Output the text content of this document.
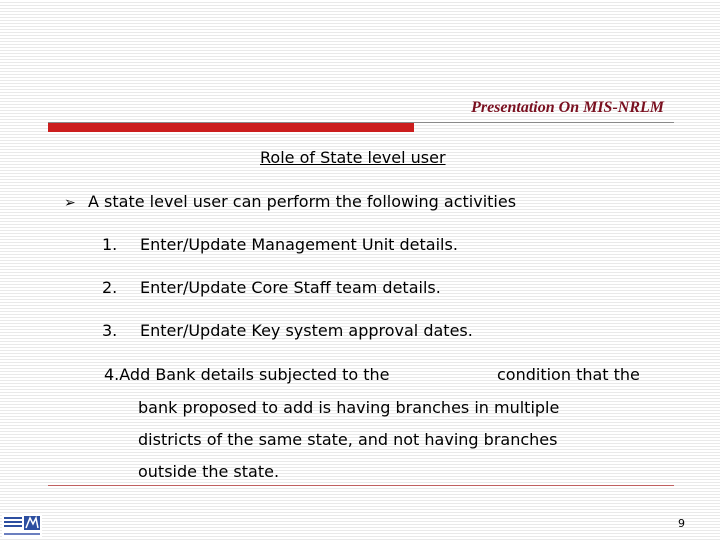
Presentation On MIS-NRLM
Role of State level user
➢ A state level user can perform the following activities
1. Enter/Update Management Unit details.
2. Enter/Update Core Staff team details.
3. Enter/Update Key system approval dates.
4.Add Bank details subjected to the	condition that the
bank proposed to add is having branches in multiple
districts of the same state, and not having branches
outside the state.
9
